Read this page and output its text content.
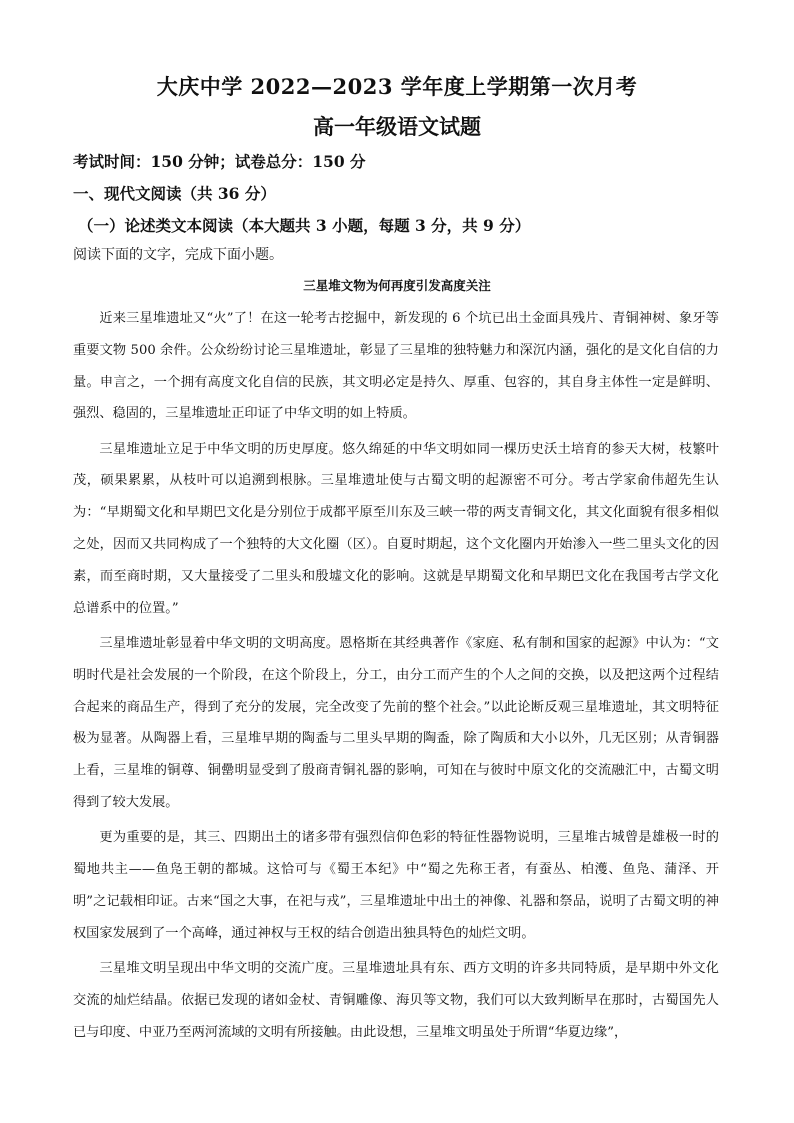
大庆中学 2022—2023 学年度上学期第一次月考
高一年级语文试题
考试时间：150 分钟；试卷总分：150 分
一、现代文阅读（共 36 分）
（一）论述类文本阅读（本大题共 3 小题，每题 3 分，共 9 分）
阅读下面的文字，完成下面小题。
三星堆文物为何再度引发高度关注

近来三星堆遗址又“火”了！在这一轮考古挖掘中，新发现的 6 个坑已出土金面具残片、青铜神树、象牙等重要文物 500 余件。公众纷纷讨论三星堆遗址，彰显了三星堆的独特魅力和深沉内涵，强化的是文化自信的力量。申言之，一个拥有高度文化自信的民族，其文明必定是持久、厚重、包容的，其自身主体性一定是鲜明、强烈、稳固的，三星堆遗址正印证了中华文明的如上特质。

三星堆遗址立足于中华文明的历史厚度。悠久绵延的中华文明如同一棵历史沃土培育的参天大树，枝繁叶茂，硕果累累，从枝叶可以追溯到根脉。三星堆遗址使与古蜀文明的起源密不可分。考古学家俞伟超先生认为：“早期蜀文化和早期巴文化是分别位于成都平原至川东及三峡一带的两支青铜文化，其文化面貌有很多相似之处，因而又共同构成了一个独特的大文化圈（区）。自夏时期起，这个文化圈内开始渗入一些二里头文化的因素，而至商时期，又大量接受了二里头和殷墟文化的影响。这就是早期蜀文化和早期巴文化在我国考古学文化总谱系中的位置。”

三星堆遗址彰显着中华文明的文明高度。恩格斯在其经典著作《家庭、私有制和国家的起源》中认为：“文明时代是社会发展的一个阶段，在这个阶段上，分工，由分工而产生的个人之间的交换，以及把这两个过程结合起来的商品生产，得到了充分的发展，完全改变了先前的整个社会。”以此论断反观三星堆遗址，其文明特征极为显著。从陶器上看，三星堆早期的陶盉与二里头早期的陶盉，除了陶质和大小以外，几无区别；从青铜器上看，三星堆的铜尊、铜罍明显受到了殷商青铜礼器的影响，可知在与彼时中原文化的交流融汇中，古蜀文明得到了较大发展。

更为重要的是，其三、四期出土的诸多带有强烈信仰色彩的特征性器物说明，三星堆古城曾是雄极一时的蜀地共主——鱼凫王朝的都城。这恰可与《蜀王本纪》中“蜀之先称王者，有蚕丛、柏濩、鱼凫、蒲泽、开明”之记载相印证。古来“国之大事，在祀与戎”，三星堆遗址中出土的神像、礼器和祭品，说明了古蜀文明的神权国家发展到了一个高峰，通过神权与王权的结合创造出独具特色的灿烂文明。

三星堆文明呈现出中华文明的交流广度。三星堆遗址具有东、西方文明的许多共同特质，是早期中外文化交流的灿烂结晶。依据已发现的诸如金杖、青铜雕像、海贝等文物，我们可以大致判断早在那时，古蜀国先人已与印度、中亚乃至两河流域的文明有所接触。由此设想，三星堆文明虽处于所谓“华夏边缘”，
